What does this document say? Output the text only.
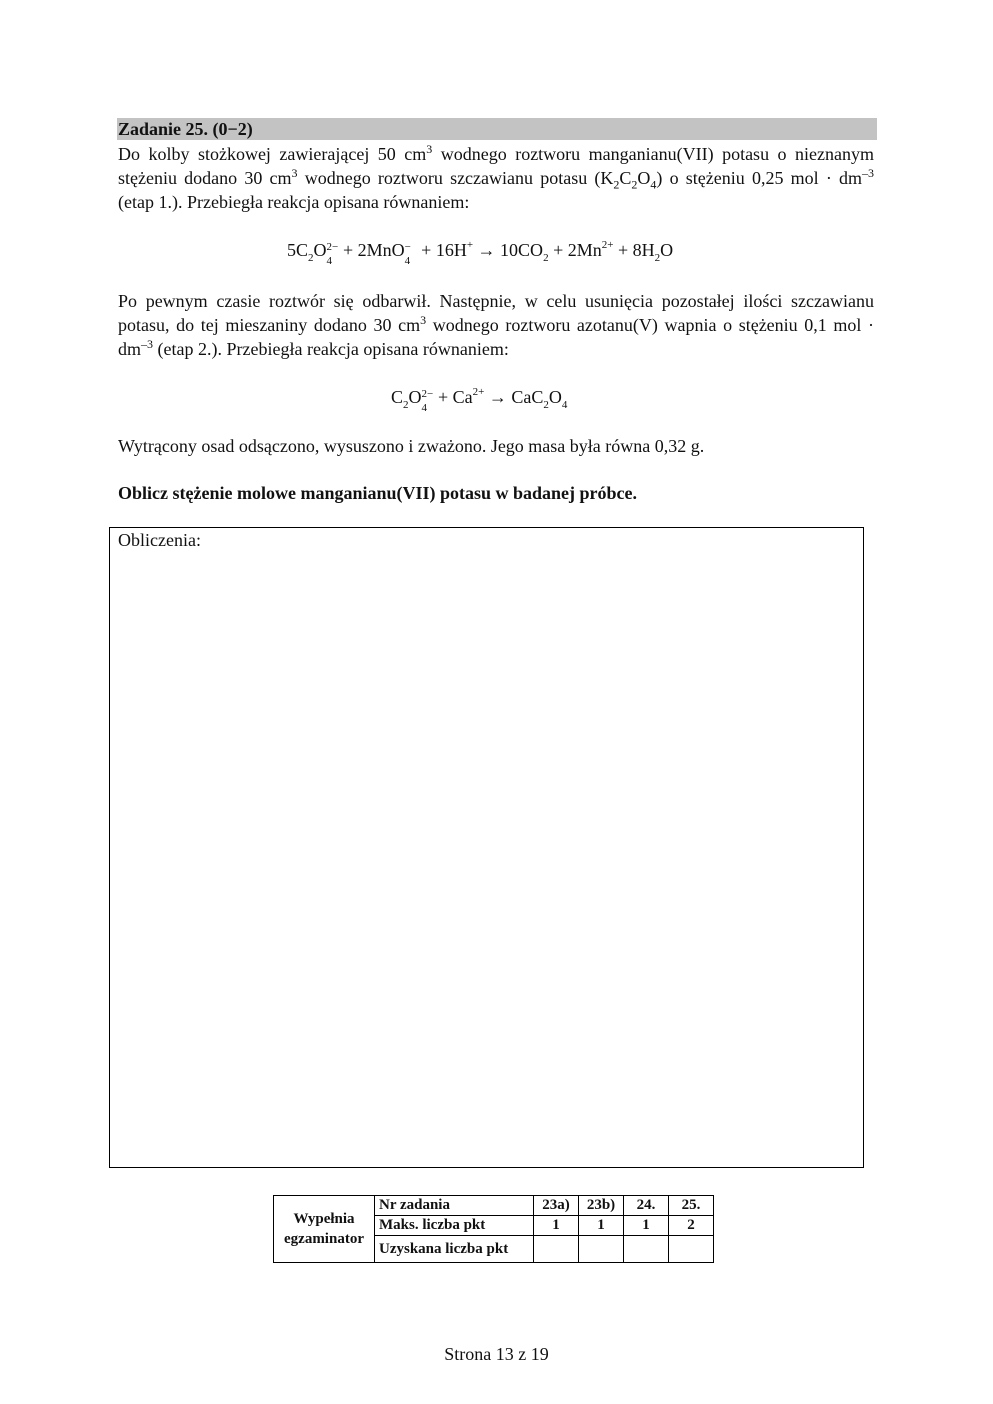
Zadanie 25. (0−2)
Do kolby stożkowej zawierającej 50 $cm^3$ wodnego roztworu manganianu(VII) potasu o nieznanym stężeniu dodano 30 $cm^3$ wodnego roztworu szczawianu potasu $(K_2C_2O_4)$ o stężeniu 0,25 mol · $dm^{-3}$ (etap 1.). Przebiegła reakcja opisana równaniem:
$5C_2O$ 2−
4
+ 2MnO −
4
+ $16H^+ \to 10CO_2 + 2Mn^{2+} + 8H_2O$
Po pewnym czasie roztwór się odbarwił. Następnie, w celu usunięcia pozostałej ilości szczawianu potasu, do tej mieszaniny dodano 30 $cm^3$ wodnego roztworu azotanu(V) wapnia o stężeniu 0,1 mol · $dm^{-3}$ (etap 2.). Przebiegła reakcja opisana równaniem:
$C_2O$ 2−
4
+ $Ca^{2+} \to CaC_2O_4$
Wytrącony osad odsączono, wysuszono i zważono. Jego masa była równa 0,32 g.
Oblicz stężenie molowe manganianu(VII) potasu w badanej próbce.
Obliczenia:
Wypełnia
egzaminator	Nr zadania	23a)	23b)	24.	25.
	Maks. liczba pkt	1	1	1	2
	Uzyskana liczba pkt				
Strona 13 z 19
